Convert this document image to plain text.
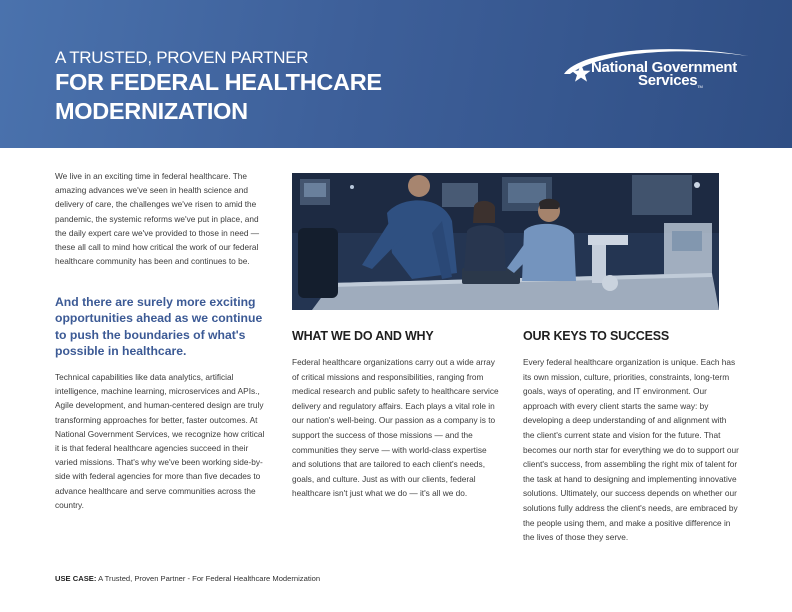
A TRUSTED, PROVEN PARTNER
FOR FEDERAL HEALTHCARE MODERNIZATION
National Government
ServicesTM

We live in an exciting time in federal healthcare. The amazing advances we've seen in health science and delivery of care, the challenges we've risen to amid the pandemic, the systemic reforms we've put in place, and the daily expert care we've provided to those in need — these all call to mind how critical the work of our federal healthcare community has been and continues to be.

And there are surely more exciting opportunities ahead as we continue to push the boundaries of what's possible in healthcare.

Technical capabilities like data analytics, artificial intelligence, machine learning, microservices and APIs., Agile development, and human-centered design are truly transforming approaches for better, faster outcomes. At National Government Services, we recognize how critical it is that federal healthcare agencies succeed in their varied missions. That's why we've been working side-by-side with federal agencies for more than five decades to advance healthcare and serve communities across the country.

WHAT WE DO AND WHY

Federal healthcare organizations carry out a wide array of critical missions and responsibilities, ranging from medical research and public safety to healthcare service delivery and regulatory affairs. Each plays a vital role in our nation's well-being. Our passion as a company is to support the success of those missions — and the communities they serve — with world-class expertise and solutions that are tailored to each client's needs, goals, and culture. Just as with our clients, federal healthcare isn't just what we do — it's all we do.

OUR KEYS TO SUCCESS

Every federal healthcare organization is unique. Each has its own mission, culture, priorities, constraints, long-term goals, ways of operating, and IT environment. Our approach with every client starts the same way: by developing a deep understanding of and alignment with the client's current state and vision for the future. That becomes our north star for everything we do to support our client's success, from assembling the right mix of talent for the task at hand to designing and implementing innovative solutions. Ultimately, our success depends on whether our solutions fully address the client's needs, are embraced by the people using them, and make a positive difference in the lives of those they serve.

USE CASE: A Trusted, Proven Partner - For Federal Healthcare Modernization
